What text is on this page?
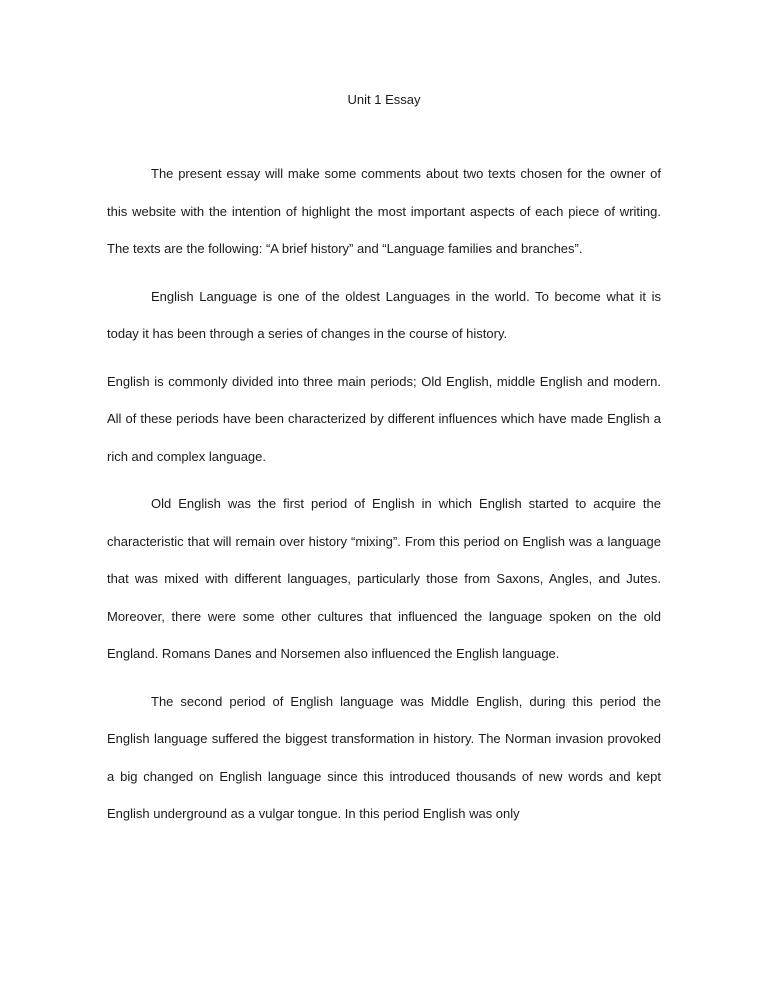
Unit 1 Essay

The present essay will make some comments about two texts chosen for the owner of this website with the intention of highlight the most important aspects of each piece of writing. The texts are the following: “A brief history” and “Language families and branches”.

English Language is one of the oldest Languages in the world. To become what it is today it has been through a series of changes in the course of history.

English is commonly divided into three main periods; Old English, middle English and modern. All of these periods have been characterized by different influences which have made English a rich and complex language.

Old English was the first period of English in which English started to acquire the characteristic that will remain over history “mixing”. From this period on English was a language that was mixed with different languages, particularly those from Saxons, Angles, and Jutes. Moreover, there were some other cultures that influenced the language spoken on the old England. Romans Danes and Norsemen also influenced the English language.

The second period of English language was Middle English, during this period the English language suffered the biggest transformation in history. The Norman invasion provoked a big changed on English language since this introduced thousands of new words and kept English underground as a vulgar tongue. In this period English was only
